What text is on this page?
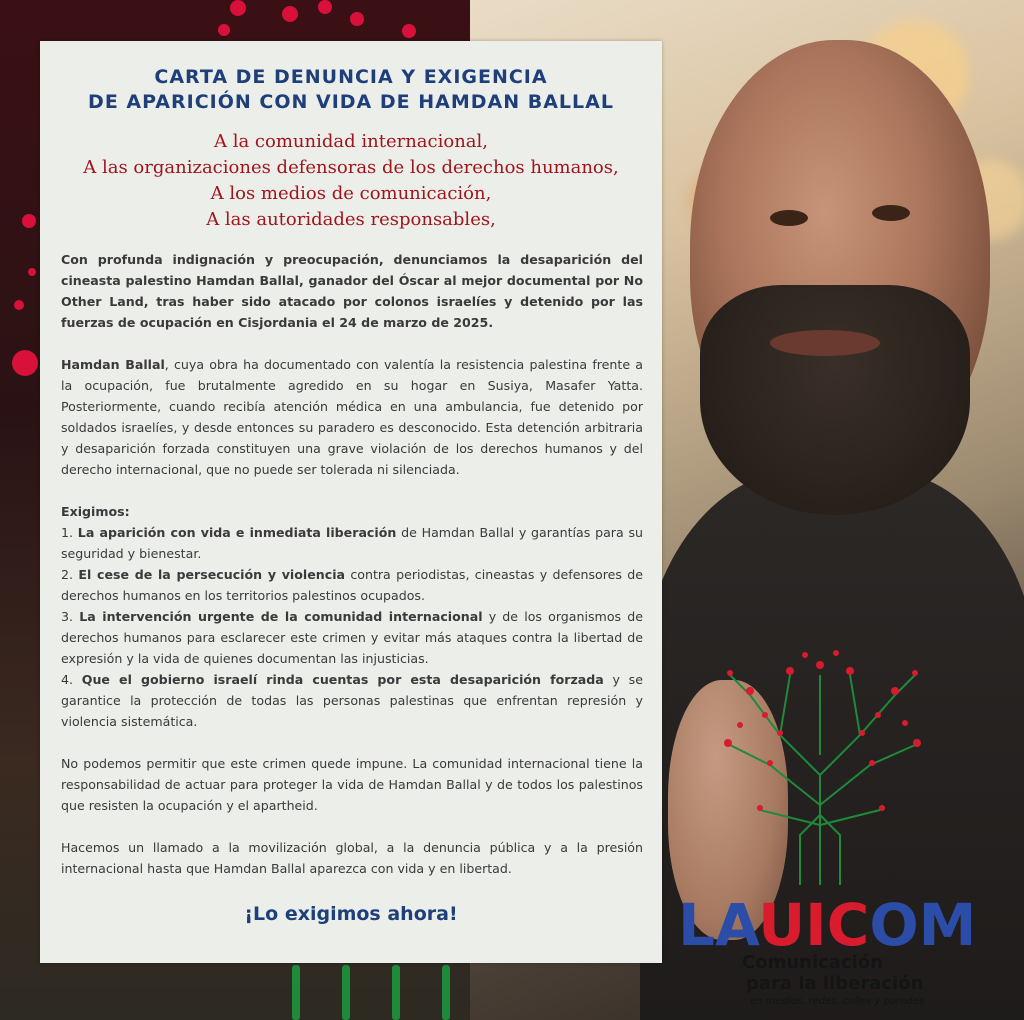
CARTA DE DENUNCIA Y EXIGENCIA
DE APARICIÓN CON VIDA DE HAMDAN BALLAL
A la comunidad internacional,
A las organizaciones defensoras de los derechos humanos,
A los medios de comunicación,
A las autoridades responsables,

Con profunda indignación y preocupación, denunciamos la desaparición del cineasta palestino Hamdan Ballal, ganador del Óscar al mejor documental por No Other Land, tras haber sido atacado por colonos israelíes y detenido por las fuerzas de ocupación en Cisjordania el 24 de marzo de 2025.

Hamdan Ballal, cuya obra ha documentado con valentía la resistencia palestina frente a la ocupación, fue brutalmente agredido en su hogar en Susiya, Masafer Yatta. Posteriormente, cuando recibía atención médica en una ambulancia, fue detenido por soldados israelíes, y desde entonces su paradero es desconocido. Esta detención arbitraria y desaparición forzada constituyen una grave violación de los derechos humanos y del derecho internacional, que no puede ser tolerada ni silenciada.

Exigimos:

1. La aparición con vida e inmediata liberación de Hamdan Ballal y garantías para su seguridad y bienestar.

2. El cese de la persecución y violencia contra periodistas, cineastas y defensores de derechos humanos en los territorios palestinos ocupados.

3. La intervención urgente de la comunidad internacional y de los organismos de derechos humanos para esclarecer este crimen y evitar más ataques contra la libertad de expresión y la vida de quienes documentan las injusticias.

4. Que el gobierno israelí rinda cuentas por esta desaparición forzada y se garantice la protección de todas las personas palestinas que enfrentan represión y violencia sistemática.

No podemos permitir que este crimen quede impune. La comunidad internacional tiene la responsabilidad de actuar para proteger la vida de Hamdan Ballal y de todos los palestinos que resisten la ocupación y el apartheid.

Hacemos un llamado a la movilización global, a la denuncia pública y a la presión internacional hasta que Hamdan Ballal aparezca con vida y en libertad.

¡Lo exigimos ahora!	LAUICOM
Comunicación
para la liberación
en medios, redes, calles y paredes
